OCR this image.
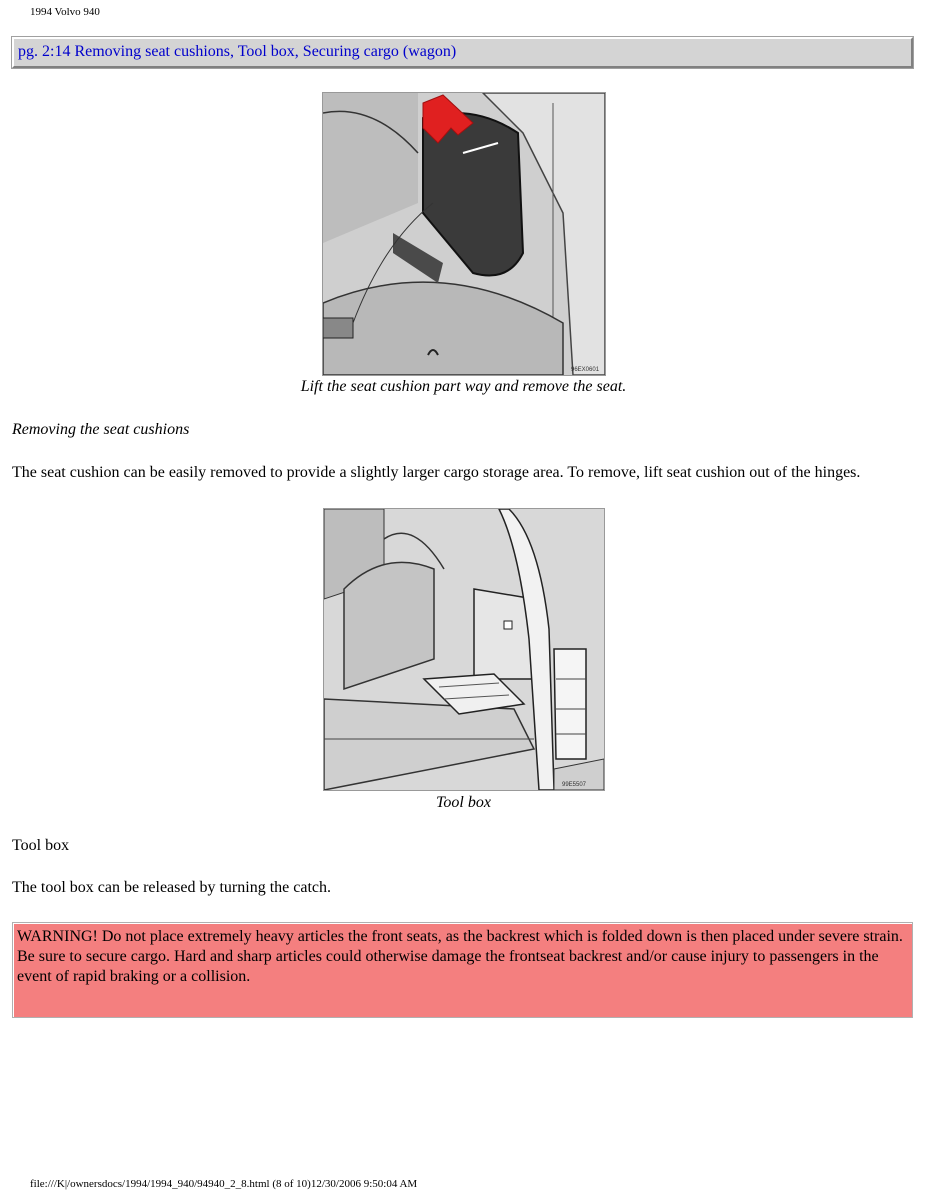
1994 Volvo 940
pg. 2:14 Removing seat cushions, Tool box, Securing cargo (wagon)
96EX0601
Lift the seat cushion part way and remove the seat.
Removing the seat cushions
The seat cushion can be easily removed to provide a slightly larger cargo storage area. To remove, lift seat cushion out of the hinges.
99E5507
Tool box
Tool box
The tool box can be released by turning the catch.
WARNING! Do not place extremely heavy articles the front seats, as the backrest which is folded down is then placed under severe strain.
Be sure to secure cargo. Hard and sharp articles could otherwise damage the frontseat backrest and/or cause injury to passengers in the event of rapid braking or a collision.
file:///K|/ownersdocs/1994/1994_940/94940_2_8.html (8 of 10)12/30/2006 9:50:04 AM
